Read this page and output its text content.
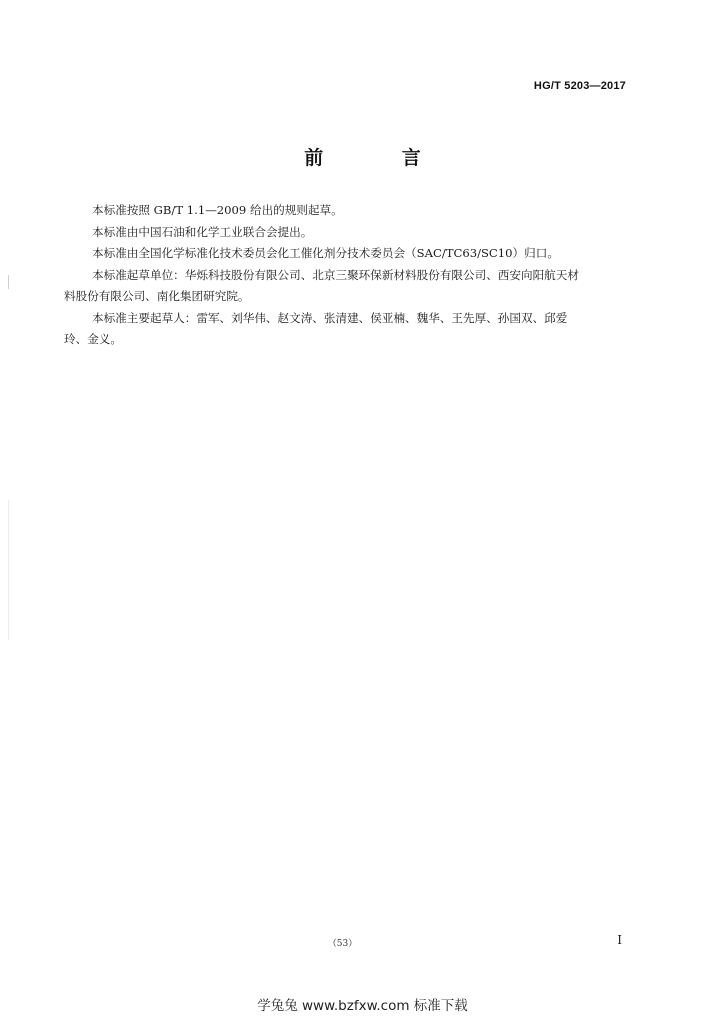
HG/T 5203—2017
前 言

本标准按照 GB/T 1.1—2009 给出的规则起草。

本标准由中国石油和化学工业联合会提出。

本标准由全国化学标准化技术委员会化工催化剂分技术委员会（SAC/TC63/SC10）归口。

本标准起草单位：华烁科技股份有限公司、北京三聚环保新材料股份有限公司、西安向阳航天材
料股份有限公司、南化集团研究院。

本标准主要起草人：雷军、刘华伟、赵文涛、张清建、侯亚楠、魏华、王先厚、孙国双、邱爱
玲、金义。

（53）	I
学兔兔 www.bzfxw.com 标准下载
